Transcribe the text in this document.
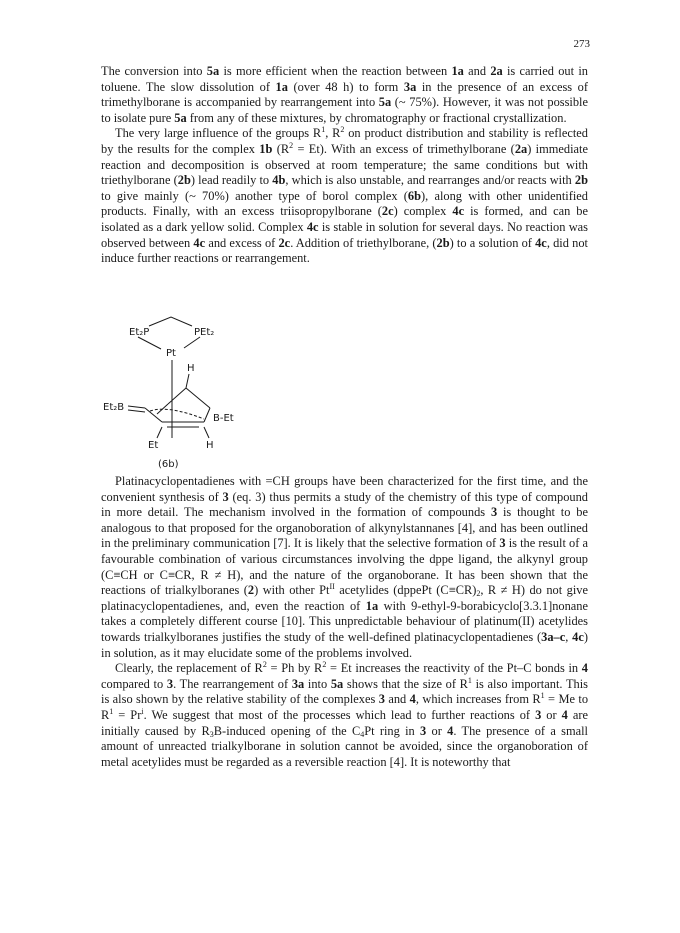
273

The conversion into 5a is more efficient when the reaction between 1a and 2a is carried out in toluene. The slow dissolution of 1a (over 48 h) to form 3a in the presence of an excess of trimethylborane is accompanied by rearrangement into 5a (~ 75%). However, it was not possible to isolate pure 5a from any of these mixtures, by chromatography or fractional crystallization.

The very large influence of the groups $R^1$, $R^2$ on product distribution and stability is reflected by the results for the complex 1b $(R^2 = Et)$. With an excess of trimethylborane (2a) immediate reaction and decomposition is observed at room temperature; the same conditions but with triethylborane (2b) lead readily to 4b, which is also unstable, and rearranges and/or reacts with 2b to give mainly (~ 70%) another type of borol complex (6b), along with other unidentified products. Finally, with an excess triisopropylborane (2c) complex 4c is formed, and can be isolated as a dark yellow solid. Complex 4c is stable in solution for several days. No reaction was observed between 4c and excess of 2c. Addition of triethylborane, (2b) to a solution of 4c, did not induce further reactions or rearrangement.

Et₂P	PEt₂
Pt
H
Et₂B
B-Et
Et	H
(6b)

Platinacyclopentadienes with =CH groups have been characterized for the first time, and the convenient synthesis of 3 (eq. 3) thus permits a study of the chemistry of this type of compound in more detail. The mechanism involved in the formation of compounds 3 is thought to be analogous to that proposed for the organoboration of alkynylstannanes [4], and has been outlined in the preliminary communication [7]. It is likely that the selective formation of 3 is the result of a favourable combination of various circumstances involving the dppe ligand, the alkynyl group (C≡CH or C≡CR, R ≠ H), and the nature of the organoborane. It has been shown that the reactions of trialkylboranes (2) with other $Pt^{II}$ acetylides (dppePt $(C\equiv CR)_2$, R ≠ H) do not give platinacyclopentadienes, and, even the reaction of 1a with 9-ethyl-9-borabicyclo[3.3.1]nonane takes a completely different course [10]. This unpredictable behaviour of platinum(II) acetylides towards trialkylboranes justifies the study of the well-defined platinacyclopentadienes (3a–c, 4c) in solution, as it may elucidate some of the problems involved.

Clearly, the replacement of $R^2 = Ph$ by $R^2 = Et$ increases the reactivity of the Pt–C bonds in 4 compared to 3. The rearrangement of 3a into 5a shows that the size of $R^1$ is also important. This is also shown by the relative stability of the complexes 3 and 4, which increases from $R^1 = Me$ to $R^1 = Pr^i$. We suggest that most of the processes which lead to further reactions of 3 or 4 are initially caused by $R_3B$-induced opening of the $C_4Pt$ ring in 3 or 4. The presence of a small amount of unreacted trialkylborane in solution cannot be avoided, since the organoboration of metal acetylides must be regarded as a reversible reaction [4]. It is noteworthy that
